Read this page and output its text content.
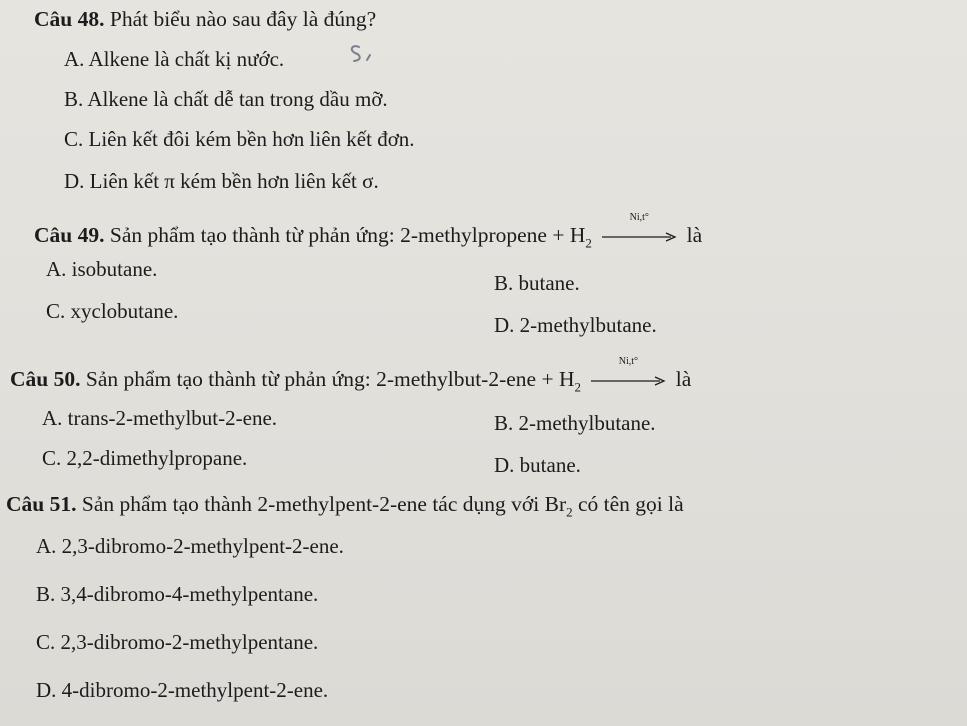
Câu 48. Phát biểu nào sau đây là đúng?
A. Alkene là chất kị nước.
B. Alkene là chất dễ tan trong dầu mỡ.
C. Liên kết đôi kém bền hơn liên kết đơn.
D. Liên kết π kém bền hơn liên kết σ.
Câu 49. Sản phẩm tạo thành từ phản ứng: 2-methylpropene + $H_2$
Ni,t°
là
A. isobutane.
B. butane.
C. xyclobutane.
D. 2-methylbutane.
Câu 50. Sản phẩm tạo thành từ phản ứng: 2-methylbut-2-ene + $H_2$
Ni,t°
là
A. trans-2-methylbut-2-ene.	B. 2-methylbutane.
C. 2,2-dimethylpropane.	D. butane.
Câu 51. Sản phẩm tạo thành 2-methylpent-2-ene tác dụng với $Br_2$ có tên gọi là
A. 2,3-dibromo-2-methylpent-2-ene.
B. 3,4-dibromo-4-methylpentane.
C. 2,3-dibromo-2-methylpentane.
D. 4-dibromo-2-methylpent-2-ene.
